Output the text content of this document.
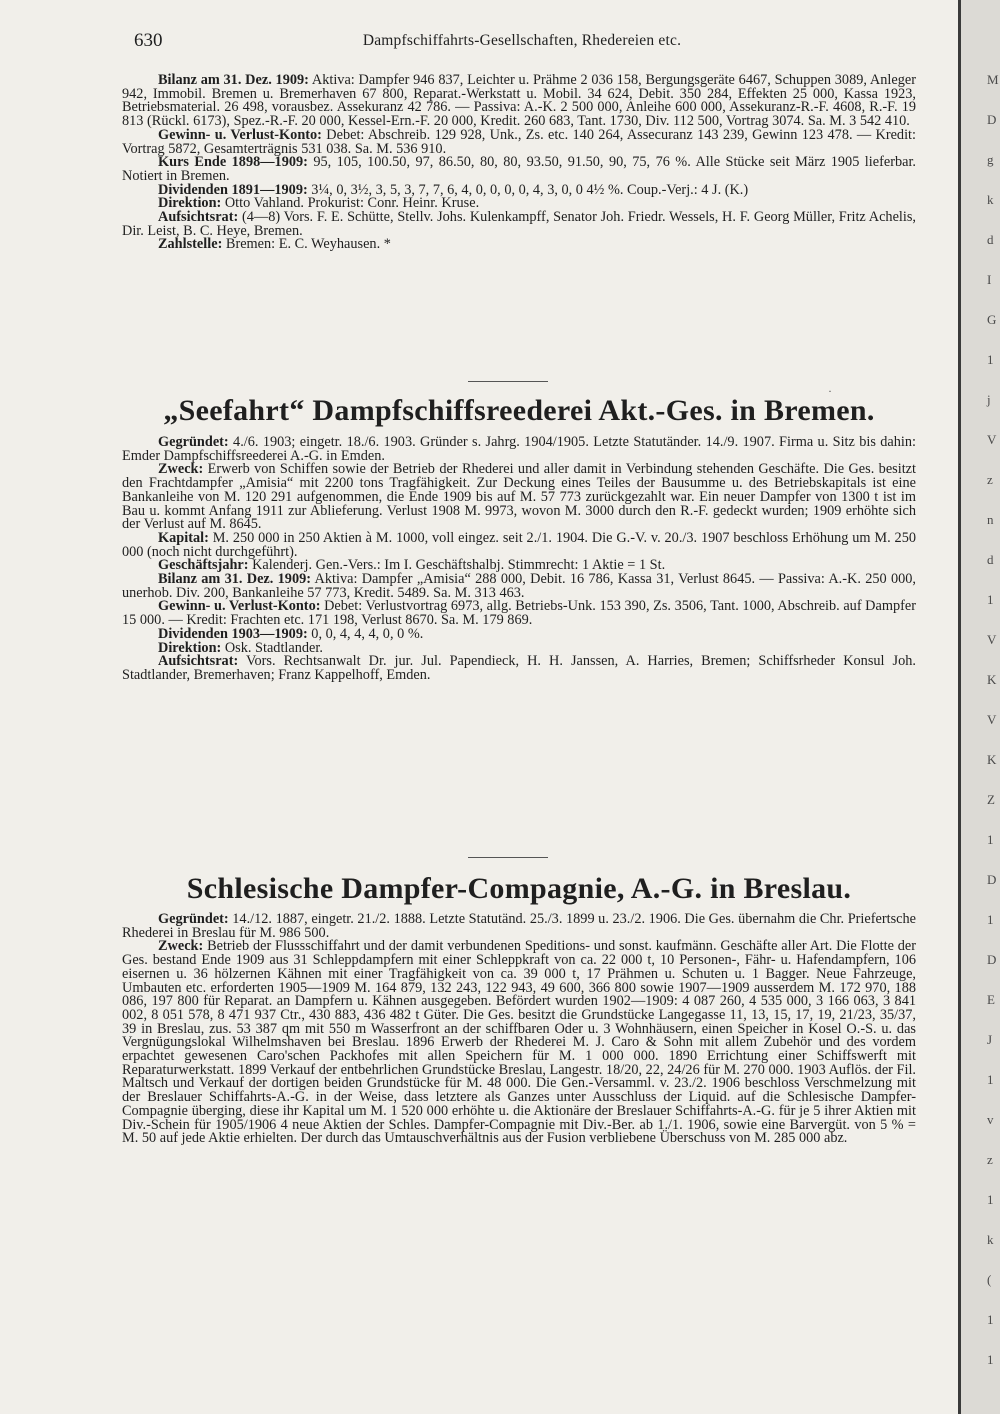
630	Dampfschiffahrts-Gesellschaften, Rhedereien etc.

Bilanz am 31. Dez. 1909: Aktiva: Dampfer 946 837, Leichter u. Prähme 2 036 158, Bergungsgeräte 6467, Schuppen 3089, Anleger 942, Immobil. Bremen u. Bremerhaven 67 800, Reparat.-Werkstatt u. Mobil. 34 624, Debit. 350 284, Effekten 25 000, Kassa 1923, Betriebsmaterial. 26 498, vorausbez. Assekuranz 42 786. — Passiva: A.-K. 2 500 000, Anleihe 600 000, Assekuranz-R.-F. 4608, R.-F. 19 813 (Rückl. 6173), Spez.-R.-F. 20 000, Kessel-Ern.-F. 20 000, Kredit. 260 683, Tant. 1730, Div. 112 500, Vortrag 3074. Sa. M. 3 542 410.

Gewinn- u. Verlust-Konto: Debet: Abschreib. 129 928, Unk., Zs. etc. 140 264, Assecuranz 143 239, Gewinn 123 478. — Kredit: Vortrag 5872, Gesamterträgnis 531 038. Sa. M. 536 910.

Kurs Ende 1898—1909: 95, 105, 100.50, 97, 86.50, 80, 80, 93.50, 91.50, 90, 75, 76 %. Alle Stücke seit März 1905 lieferbar. Notiert in Bremen.

Dividenden 1891—1909: 3¼, 0, 3½, 3, 5, 3, 7, 7, 6, 4, 0, 0, 0, 0, 4, 3, 0, 0 4½ %. Coup.-Verj.: 4 J. (K.)

Direktion: Otto Vahland. Prokurist: Conr. Heinr. Kruse.

Aufsichtsrat: (4—8) Vors. F. E. Schütte, Stellv. Johs. Kulenkampff, Senator Joh. Friedr. Wessels, H. F. Georg Müller, Fritz Achelis, Dir. Leist, B. C. Heye, Bremen.

Zahlstelle: Bremen: E. C. Weyhausen. *

·
„Seefahrt“ Dampfschiffsreederei Akt.-Ges. in Bremen.

Gegründet: 4./6. 1903; eingetr. 18./6. 1903. Gründer s. Jahrg. 1904/1905. Letzte Statutänder. 14./9. 1907. Firma u. Sitz bis dahin: Emder Dampfschiffsreederei A.-G. in Emden.

Zweck: Erwerb von Schiffen sowie der Betrieb der Rhederei und aller damit in Verbindung stehenden Geschäfte. Die Ges. besitzt den Frachtdampfer „Amisia“ mit 2200 tons Tragfähigkeit. Zur Deckung eines Teiles der Bausumme u. des Betriebskapitals ist eine Bankanleihe von M. 120 291 aufgenommen, die Ende 1909 bis auf M. 57 773 zurückgezahlt war. Ein neuer Dampfer von 1300 t ist im Bau u. kommt Anfang 1911 zur Ablieferung. Verlust 1908 M. 9973, wovon M. 3000 durch den R.-F. gedeckt wurden; 1909 erhöhte sich der Verlust auf M. 8645.

Kapital: M. 250 000 in 250 Aktien à M. 1000, voll eingez. seit 2./1. 1904. Die G.-V. v. 20./3. 1907 beschloss Erhöhung um M. 250 000 (noch nicht durchgeführt).

Geschäftsjahr: Kalenderj. Gen.-Vers.: Im I. Geschäftshalbj. Stimmrecht: 1 Aktie = 1 St.

Bilanz am 31. Dez. 1909: Aktiva: Dampfer „Amisia“ 288 000, Debit. 16 786, Kassa 31, Verlust 8645. — Passiva: A.-K. 250 000, unerhob. Div. 200, Bankanleihe 57 773, Kredit. 5489. Sa. M. 313 463.

Gewinn- u. Verlust-Konto: Debet: Verlustvortrag 6973, allg. Betriebs-Unk. 153 390, Zs. 3506, Tant. 1000, Abschreib. auf Dampfer 15 000. — Kredit: Frachten etc. 171 198, Verlust 8670. Sa. M. 179 869.

Dividenden 1903—1909: 0, 0, 4, 4, 4, 0, 0 %.

Direktion: Osk. Stadtlander.

Aufsichtsrat: Vors. Rechtsanwalt Dr. jur. Jul. Papendieck, H. H. Janssen, A. Harries, Bremen; Schiffsrheder Konsul Joh. Stadtlander, Bremerhaven; Franz Kappelhoff, Emden.

Schlesische Dampfer-Compagnie, A.-G. in Breslau.

Gegründet: 14./12. 1887, eingetr. 21./2. 1888. Letzte Statutänd. 25./3. 1899 u. 23./2. 1906. Die Ges. übernahm die Chr. Priefertsche Rhederei in Breslau für M. 986 500.

Zweck: Betrieb der Flussschiffahrt und der damit verbundenen Speditions- und sonst. kaufmänn. Geschäfte aller Art. Die Flotte der Ges. bestand Ende 1909 aus 31 Schleppdampfern mit einer Schleppkraft von ca. 22 000 t, 10 Personen-, Fähr- u. Hafendampfern, 106 eisernen u. 36 hölzernen Kähnen mit einer Tragfähigkeit von ca. 39 000 t, 17 Prähmen u. Schuten u. 1 Bagger. Neue Fahrzeuge, Umbauten etc. erforderten 1905—1909 M. 164 879, 132 243, 122 943, 49 600, 366 800 sowie 1907—1909 ausserdem M. 172 970, 188 086, 197 800 für Reparat. an Dampfern u. Kähnen ausgegeben. Befördert wurden 1902—1909: 4 087 260, 4 535 000, 3 166 063, 3 841 002, 8 051 578, 8 471 937 Ctr., 430 883, 436 482 t Güter. Die Ges. besitzt die Grundstücke Langegasse 11, 13, 15, 17, 19, 21/23, 35/37, 39 in Breslau, zus. 53 387 qm mit 550 m Wasserfront an der schiffbaren Oder u. 3 Wohnhäusern, einen Speicher in Kosel O.-S. u. das Vergnügungslokal Wilhelmshaven bei Breslau. 1896 Erwerb der Rhederei M. J. Caro & Sohn mit allem Zubehör und des vordem erpachtet gewesenen Caro'schen Packhofes mit allen Speichern für M. 1 000 000. 1890 Errichtung einer Schiffswerft mit Reparaturwerkstatt. 1899 Verkauf der entbehrlichen Grundstücke Breslau, Langestr. 18/20, 22, 24/26 für M. 270 000. 1903 Auflös. der Fil. Maltsch und Verkauf der dortigen beiden Grundstücke für M. 48 000. Die Gen.-Versamml. v. 23./2. 1906 beschloss Verschmelzung mit der Breslauer Schiffahrts-A.-G. in der Weise, dass letztere als Ganzes unter Ausschluss der Liquid. auf die Schlesische Dampfer-Compagnie überging, diese ihr Kapital um M. 1 520 000 erhöhte u. die Aktionäre der Breslauer Schiffahrts-A.-G. für je 5 ihrer Aktien mit Div.-Schein für 1905/1906 4 neue Aktien der Schles. Dampfer-Compagnie mit Div.-Ber. ab 1./1. 1906, sowie eine Barvergüt. von 5 % = M. 50 auf jede Aktie erhielten. Der durch das Umtauschverhältnis aus der Fusion verbliebene Überschuss von M. 285 000 abz.

M
D
g
k
d
I
G
1
j
V
z
n
d
1
V
K
V
K
Z
1
D
1
D
E
J
1
v
z
1
k
(
1
1
